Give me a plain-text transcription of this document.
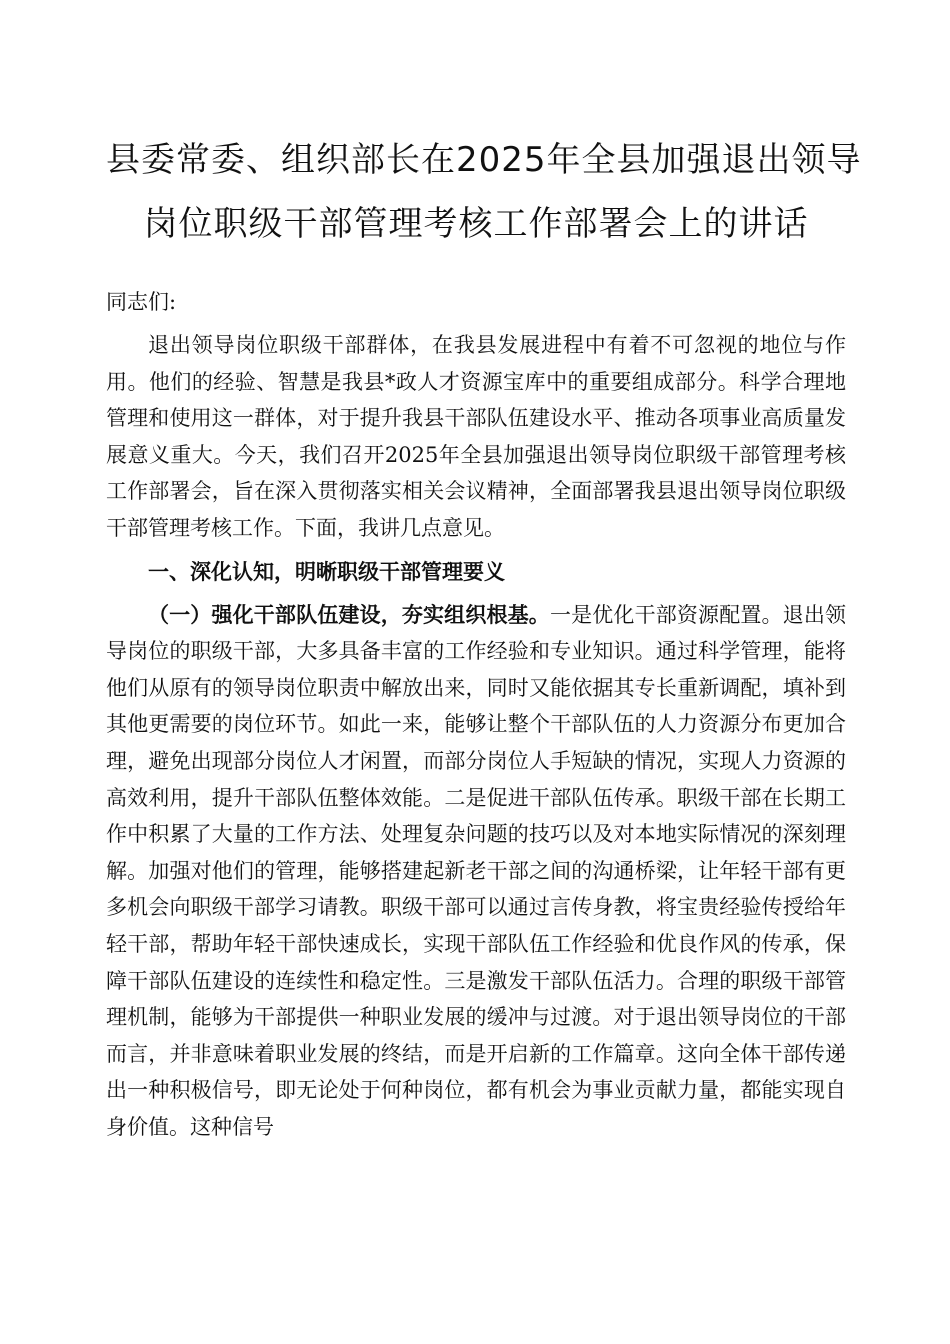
县委常委、组织部长在2025年全县加强退出领导
岗位职级干部管理考核工作部署会上的讲话

同志们:

退出领导岗位职级干部群体，在我县发展进程中有着不可忽视的地位与作用。他们的经验、智慧是我县*政人才资源宝库中的重要组成部分。科学合理地管理和使用这一群体，对于提升我县干部队伍建设水平、推动各项事业高质量发展意义重大。今天，我们召开2025年全县加强退出领导岗位职级干部管理考核工作部署会，旨在深入贯彻落实相关会议精神，全面部署我县退出领导岗位职级干部管理考核工作。下面，我讲几点意见。

一、深化认知，明晰职级干部管理要义

（一）强化干部队伍建设，夯实组织根基。一是优化干部资源配置。退出领导岗位的职级干部，大多具备丰富的工作经验和专业知识。通过科学管理，能将他们从原有的领导岗位职责中解放出来，同时又能依据其专长重新调配，填补到其他更需要的岗位环节。如此一来，能够让整个干部队伍的人力资源分布更加合理，避免出现部分岗位人才闲置，而部分岗位人手短缺的情况，实现人力资源的高效利用，提升干部队伍整体效能。二是促进干部队伍传承。职级干部在长期工作中积累了大量的工作方法、处理复杂问题的技巧以及对本地实际情况的深刻理解。加强对他们的管理，能够搭建起新老干部之间的沟通桥梁，让年轻干部有更多机会向职级干部学习请教。职级干部可以通过言传身教，将宝贵经验传授给年轻干部，帮助年轻干部快速成长，实现干部队伍工作经验和优良作风的传承，保障干部队伍建设的连续性和稳定性。三是激发干部队伍活力。合理的职级干部管理机制，能够为干部提供一种职业发展的缓冲与过渡。对于退出领导岗位的干部而言，并非意味着职业发展的终结，而是开启新的工作篇章。这向全体干部传递出一种积极信号，即无论处于何种岗位，都有机会为事业贡献力量，都能实现自身价值。这种信号
